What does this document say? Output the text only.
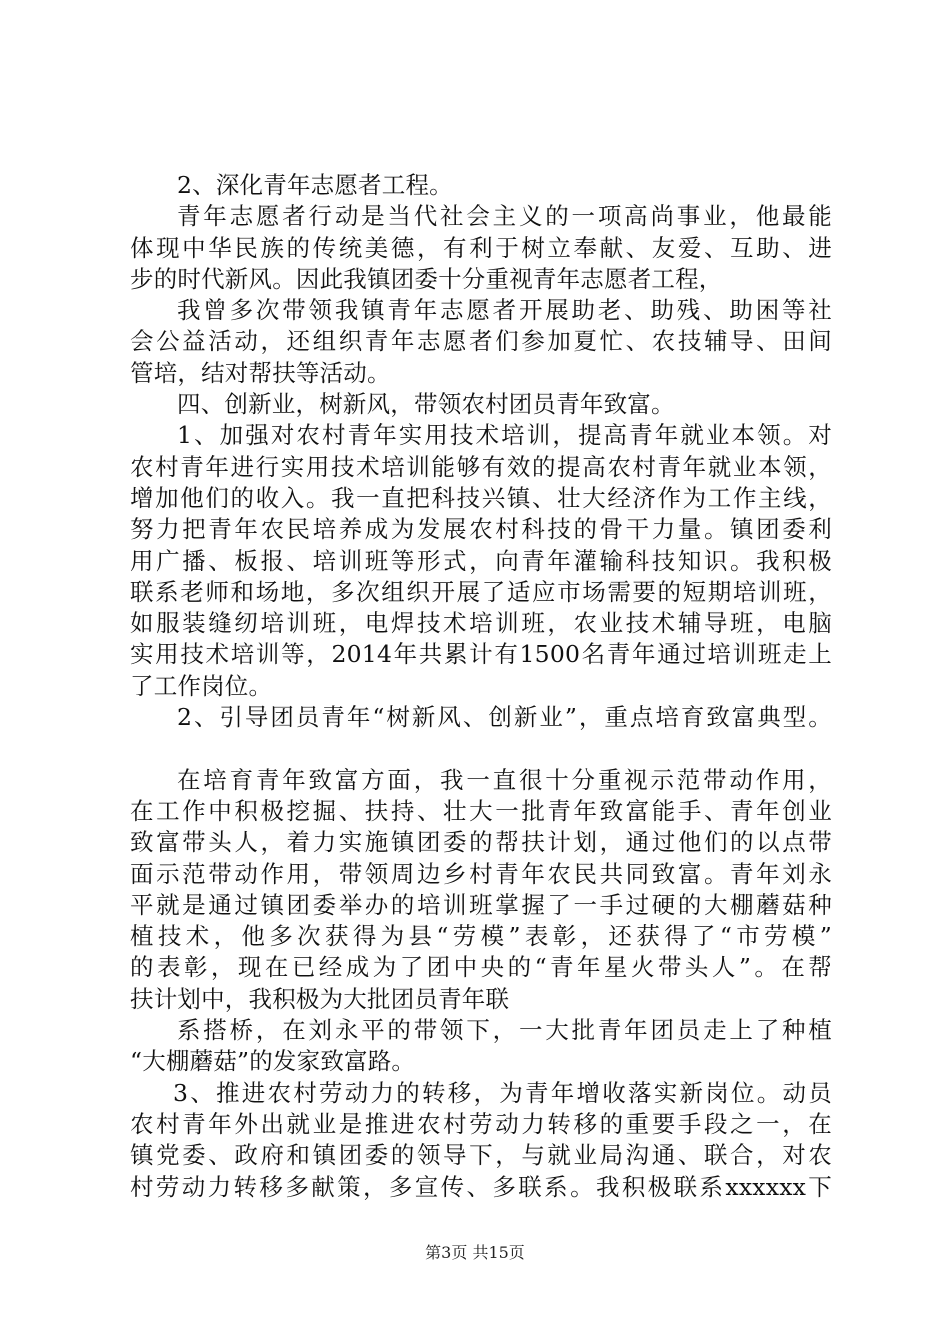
2、深化青年志愿者工程。
青年志愿者行动是当代社会主义的一项高尚事业，他最能
体现中华民族的传统美德，有利于树立奉献、友爱、互助、进
步的时代新风。因此我镇团委十分重视青年志愿者工程，
我曾多次带领我镇青年志愿者开展助老、助残、助困等社
会公益活动，还组织青年志愿者们参加夏忙、农技辅导、田间
管培，结对帮扶等活动。
四、创新业，树新风，带领农村团员青年致富。
1、加强对农村青年实用技术培训，提高青年就业本领。对
农村青年进行实用技术培训能够有效的提高农村青年就业本领，
增加他们的收入。我一直把科技兴镇、壮大经济作为工作主线，
努力把青年农民培养成为发展农村科技的骨干力量。镇团委利
用广播、板报、培训班等形式，向青年灌输科技知识。我积极
联系老师和场地，多次组织开展了适应市场需要的短期培训班，
如服装缝纫培训班，电焊技术培训班，农业技术辅导班，电脑
实用技术培训等，2014年共累计有1500名青年通过培训班走上
了工作岗位。
2、引导团员青年“树新风、创新业”，重点培育致富典型。
在培育青年致富方面，我一直很十分重视示范带动作用，
在工作中积极挖掘、扶持、壮大一批青年致富能手、青年创业
致富带头人，着力实施镇团委的帮扶计划，通过他们的以点带
面示范带动作用，带领周边乡村青年农民共同致富。青年刘永
平就是通过镇团委举办的培训班掌握了一手过硬的大棚蘑菇种
植技术，他多次获得为县“劳模”表彰，还获得了“市劳模”
的表彰，现在已经成为了团中央的“青年星火带头人”。在帮
扶计划中，我积极为大批团员青年联
系搭桥，在刘永平的带领下，一大批青年团员走上了种植
“大棚蘑菇”的发家致富路。
3、推进农村劳动力的转移，为青年增收落实新岗位。动员
农村青年外出就业是推进农村劳动力转移的重要手段之一，在
镇党委、政府和镇团委的领导下，与就业局沟通、联合，对农
村劳动力转移多献策，多宣传、多联系。我积极联系xxxxxx下
第3页 共15页
